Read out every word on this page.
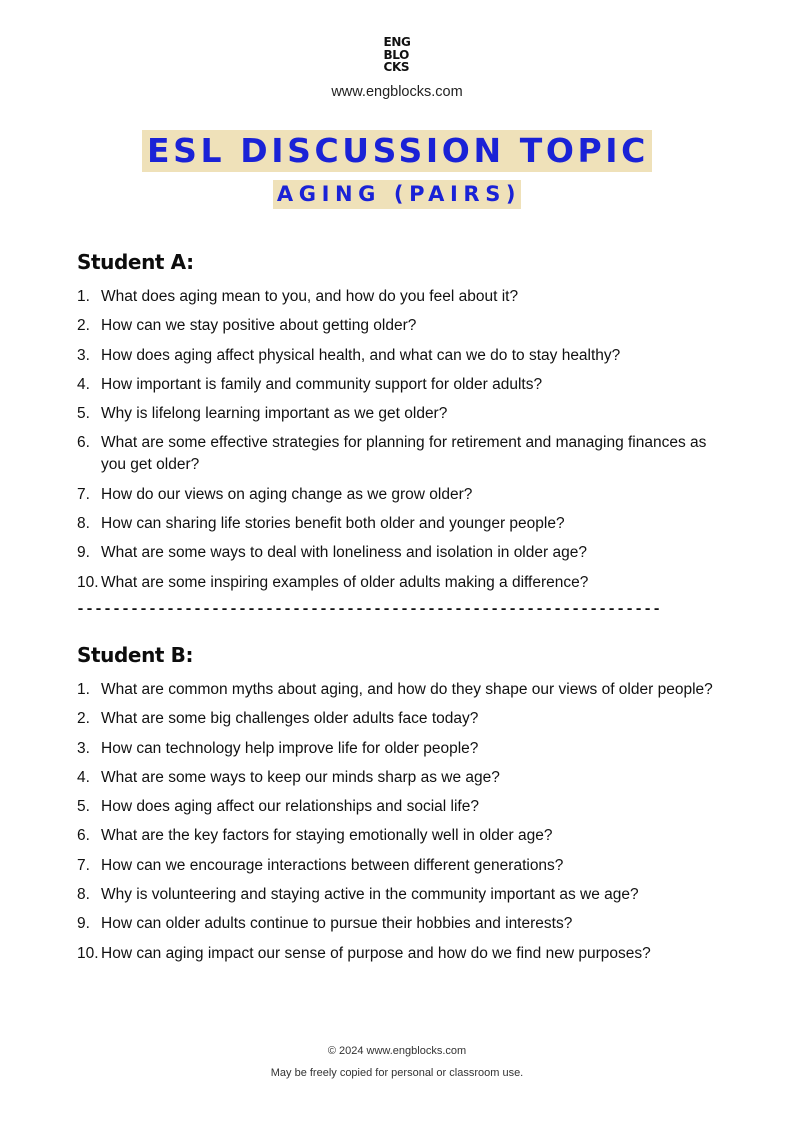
ENG
BLO
CKS
www.engblocks.com
ESL DISCUSSION TOPIC
AGING (PAIRS)
Student A:
1. What does aging mean to you, and how do you feel about it?
2. How can we stay positive about getting older?
3. How does aging affect physical health, and what can we do to stay healthy?
4. How important is family and community support for older adults?
5. Why is lifelong learning important as we get older?
6. What are some effective strategies for planning for retirement and managing finances as you get older?
7. How do our views on aging change as we grow older?
8. How can sharing life stories benefit both older and younger people?
9. What are some ways to deal with loneliness and isolation in older age?
10. What are some inspiring examples of older adults making a difference?
-----------------------------------------------------------------
Student B:
1. What are common myths about aging, and how do they shape our views of older people?
2. What are some big challenges older adults face today?
3. How can technology help improve life for older people?
4. What are some ways to keep our minds sharp as we age?
5. How does aging affect our relationships and social life?
6. What are the key factors for staying emotionally well in older age?
7. How can we encourage interactions between different generations?
8. Why is volunteering and staying active in the community important as we age?
9. How can older adults continue to pursue their hobbies and interests?
10. How can aging impact our sense of purpose and how do we find new purposes?
© 2024 www.engblocks.com
May be freely copied for personal or classroom use.
